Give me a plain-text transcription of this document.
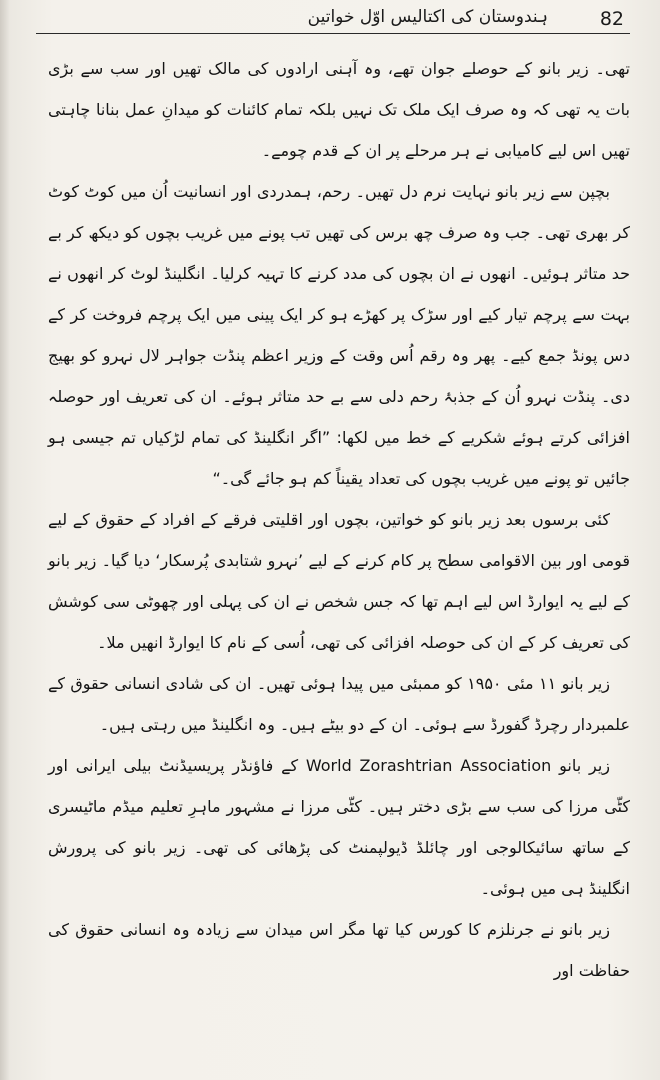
ہندوستان کی اکتالیس اوّل خواتین	82

تھی۔ زیر بانو کے حوصلے جوان تھے، وہ آہنی ارادوں کی مالک تھیں اور سب سے بڑی بات یہ تھی کہ وہ صرف ایک ملک تک نہیں بلکہ تمام کائنات کو میدانِ عمل بنانا چاہتی تھیں اس لیے کامیابی نے ہر مرحلے پر ان کے قدم چومے۔

بچپن سے زیر بانو نہایت نرم دل تھیں۔ رحم، ہمدردی اور انسانیت اُن میں کوٹ کوٹ کر بھری تھی۔ جب وہ صرف چھ برس کی تھیں تب پونے میں غریب بچوں کو دیکھ کر بے حد متاثر ہوئیں۔ انھوں نے ان بچوں کی مدد کرنے کا تہیہ کرلیا۔ انگلینڈ لوٹ کر انھوں نے بہت سے پرچم تیار کیے اور سڑک پر کھڑے ہو کر ایک پینی میں ایک پرچم فروخت کر کے دس پونڈ جمع کیے۔ پھر وہ رقم اُس وقت کے وزیر اعظم پنڈت جواہر لال نہرو کو بھیج دی۔ پنڈت نہرو اُن کے جذبۂ رحم دلی سے بے حد متاثر ہوئے۔ ان کی تعریف اور حوصلہ افزائی کرتے ہوئے شکریے کے خط میں لکھا: ”اگر انگلینڈ کی تمام لڑکیاں تم جیسی ہو جائیں تو پونے میں غریب بچوں کی تعداد یقیناً کم ہو جائے گی۔“

کئی برسوں بعد زیر بانو کو خواتین، بچوں اور اقلیتی فرقے کے افراد کے حقوق کے لیے قومی اور بین الاقوامی سطح پر کام کرنے کے لیے ’نہرو شتابدی پُرسکار‘ دیا گیا۔ زیر بانو کے لیے یہ ایوارڈ اس لیے اہم تھا کہ جس شخص نے ان کی پہلی اور چھوٹی سی کوشش کی تعریف کر کے ان کی حوصلہ افزائی کی تھی، اُسی کے نام کا ایوارڈ انھیں ملا۔

زیر بانو ۱۱ مئی ۱۹۵۰ کو ممبئی میں پیدا ہوئی تھیں۔ ان کی شادی انسانی حقوق کے علمبردار رچرڈ گفورڈ سے ہوئی۔ ان کے دو بیٹے ہیں۔ وہ انگلینڈ میں رہتی ہیں۔

زیر بانو World Zorashtrian Association کے فاؤنڈر پریسیڈنٹ بیلی ایرانی اور کٹّی مرزا کی سب سے بڑی دختر ہیں۔ کٹّی مرزا نے مشہور ماہرِ تعلیم میڈم ماٹیسری کے ساتھ سائیکالوجی اور چائلڈ ڈیولپمنٹ کی پڑھائی کی تھی۔ زیر بانو کی پرورش انگلینڈ ہی میں ہوئی۔

زیر بانو نے جرنلزم کا کورس کیا تھا مگر اس میدان سے زیادہ وہ انسانی حقوق کی حفاظت اور
